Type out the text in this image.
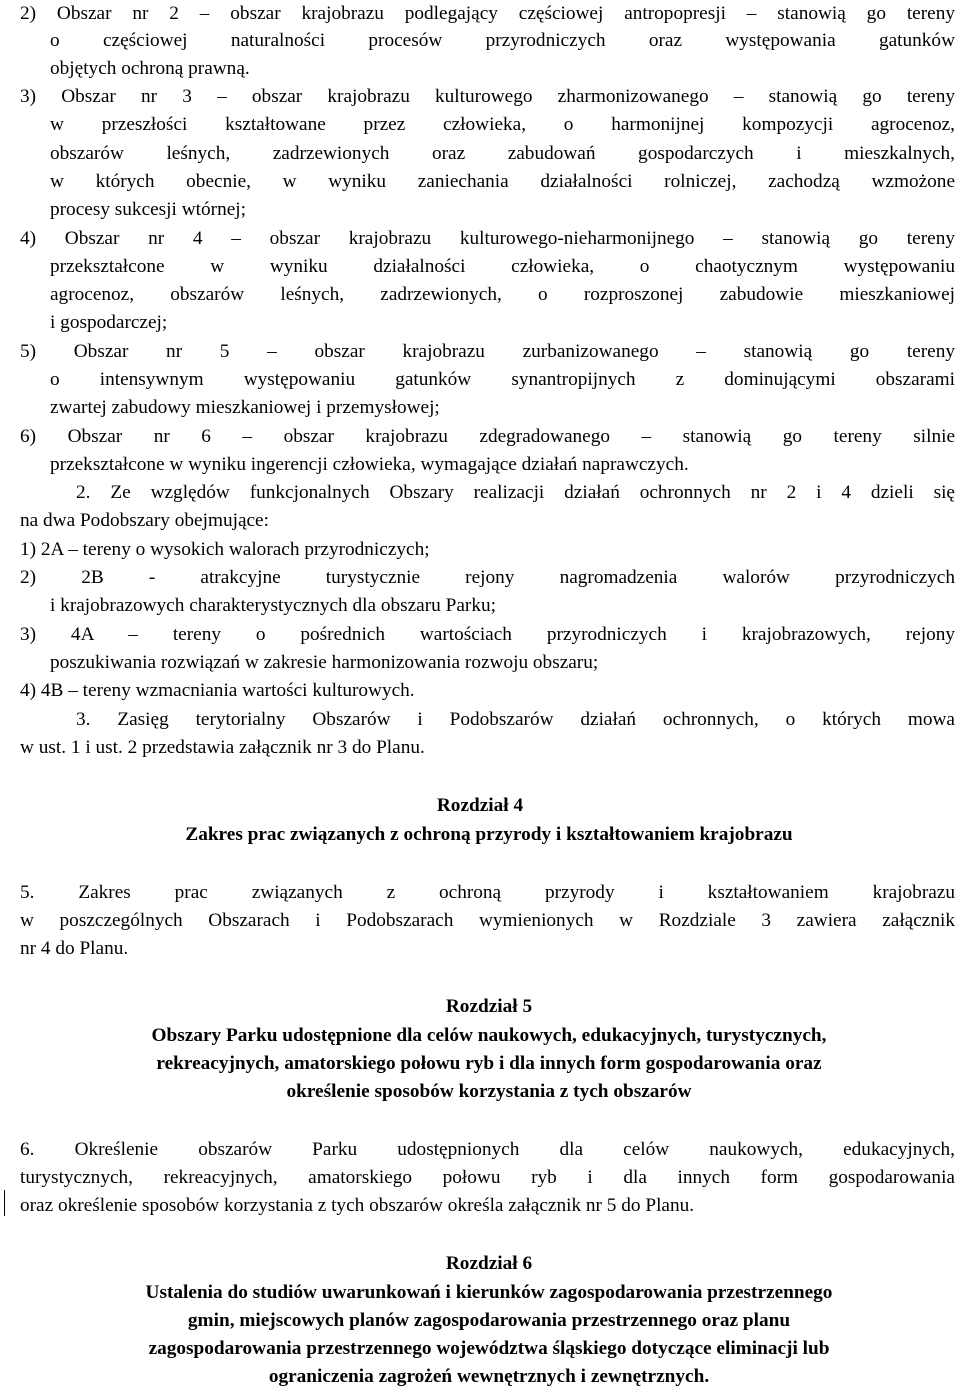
2) Obszar nr 2 – obszar krajobrazu podlegający częściowej antropopresji – stanowią go tereny
o częściowej naturalności procesów przyrodniczych oraz występowania gatunków
objętych ochroną prawną.
3) Obszar nr 3 – obszar krajobrazu kulturowego zharmonizowanego – stanowią go tereny
w przeszłości kształtowane przez człowieka, o harmonijnej kompozycji agrocenoz,
obszarów leśnych, zadrzewionych oraz zabudowań gospodarczych i mieszkalnych,
w których obecnie, w wyniku zaniechania działalności rolniczej, zachodzą wzmożone
procesy sukcesji wtórnej;
4) Obszar nr 4 – obszar krajobrazu kulturowego-nieharmonijnego – stanowią go tereny
przekształcone w wyniku działalności człowieka, o chaotycznym występowaniu
agrocenoz, obszarów leśnych, zadrzewionych, o rozproszonej zabudowie mieszkaniowej
i gospodarczej;
5) Obszar nr 5 – obszar krajobrazu zurbanizowanego – stanowią go tereny
o intensywnym występowaniu gatunków synantropijnych z dominującymi obszarami
zwartej zabudowy mieszkaniowej i przemysłowej;
6) Obszar nr 6 – obszar krajobrazu zdegradowanego – stanowią go tereny silnie
przekształcone w wyniku ingerencji człowieka, wymagające działań naprawczych.
2. Ze względów funkcjonalnych Obszary realizacji działań ochronnych nr 2 i 4 dzieli się
na dwa Podobszary obejmujące:
1) 2A – tereny o wysokich walorach przyrodniczych;
2) 2B - atrakcyjne turystycznie rejony nagromadzenia walorów przyrodniczych
i krajobrazowych charakterystycznych dla obszaru Parku;
3) 4A – tereny o pośrednich wartościach przyrodniczych i krajobrazowych, rejony
poszukiwania rozwiązań w zakresie harmonizowania rozwoju obszaru;
4) 4B – tereny wzmacniania wartości kulturowych.
3. Zasięg terytorialny Obszarów i Podobszarów działań ochronnych, o których mowa
w ust. 1 i ust. 2 przedstawia załącznik nr 3 do Planu.
Rozdział 4
Zakres prac związanych z ochroną przyrody i kształtowaniem krajobrazu
5. Zakres prac związanych z ochroną przyrody i kształtowaniem krajobrazu
w poszczególnych Obszarach i Podobszarach wymienionych w Rozdziale 3 zawiera załącznik
nr 4 do Planu.
Rozdział 5
Obszary Parku udostępnione dla celów naukowych, edukacyjnych, turystycznych,
rekreacyjnych, amatorskiego połowu ryb i dla innych form gospodarowania oraz
określenie sposobów korzystania z tych obszarów
6. Określenie obszarów Parku udostępnionych dla celów naukowych, edukacyjnych,
turystycznych, rekreacyjnych, amatorskiego połowu ryb i dla innych form gospodarowania
oraz określenie sposobów korzystania z tych obszarów określa załącznik nr 5 do Planu.
Rozdział 6
Ustalenia do studiów uwarunkowań i kierunków zagospodarowania przestrzennego
gmin, miejscowych planów zagospodarowania przestrzennego oraz planu
zagospodarowania przestrzennego województwa śląskiego dotyczące eliminacji lub
ograniczenia zagrożeń wewnętrznych i zewnętrznych.
